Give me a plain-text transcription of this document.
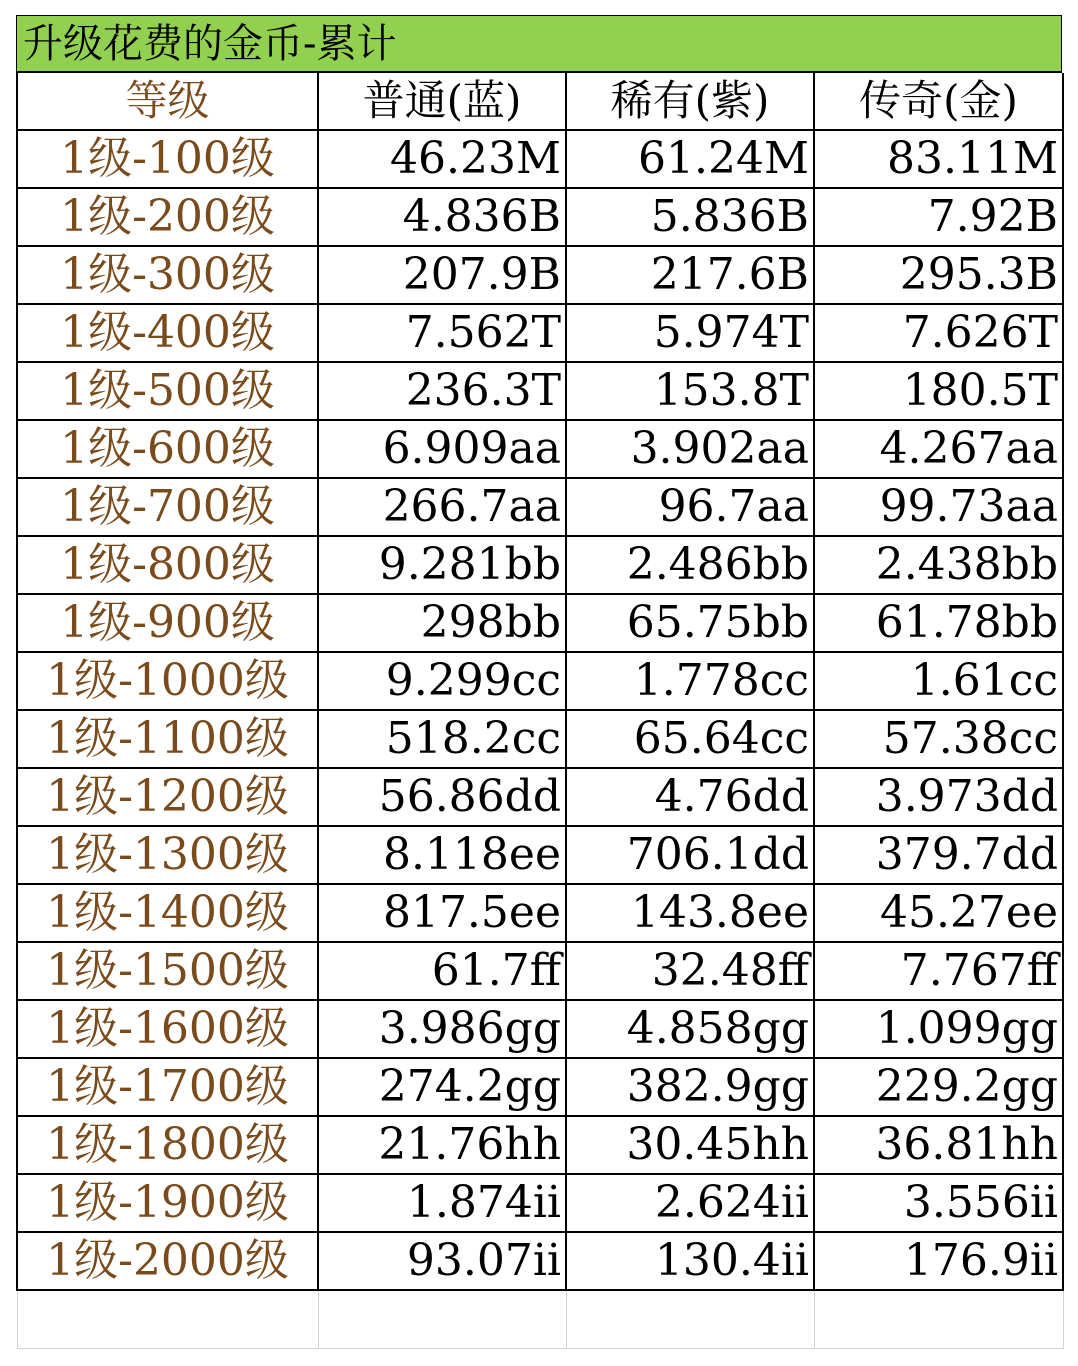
升级花费的金币-累计
等级	普通(蓝)	稀有(紫)	传奇(金)
1级-100级	46.23M	61.24M	83.11M
1级-200级	4.836B	5.836B	7.92B
1级-300级	207.9B	217.6B	295.3B
1级-400级	7.562T	5.974T	7.626T
1级-500级	236.3T	153.8T	180.5T
1级-600级	6.909aa	3.902aa	4.267aa
1级-700级	266.7aa	96.7aa	99.73aa
1级-800级	9.281bb	2.486bb	2.438bb
1级-900级	298bb	65.75bb	61.78bb
1级-1000级	9.299cc	1.778cc	1.61cc
1级-1100级	518.2cc	65.64cc	57.38cc
1级-1200级	56.86dd	4.76dd	3.973dd
1级-1300级	8.118ee	706.1dd	379.7dd
1级-1400级	817.5ee	143.8ee	45.27ee
1级-1500级	61.7ff	32.48ff	7.767ff
1级-1600级	3.986gg	4.858gg	1.099gg
1级-1700级	274.2gg	382.9gg	229.2gg
1级-1800级	21.76hh	30.45hh	36.81hh
1级-1900级	1.874ii	2.624ii	3.556ii
1级-2000级	93.07ii	130.4ii	176.9ii
